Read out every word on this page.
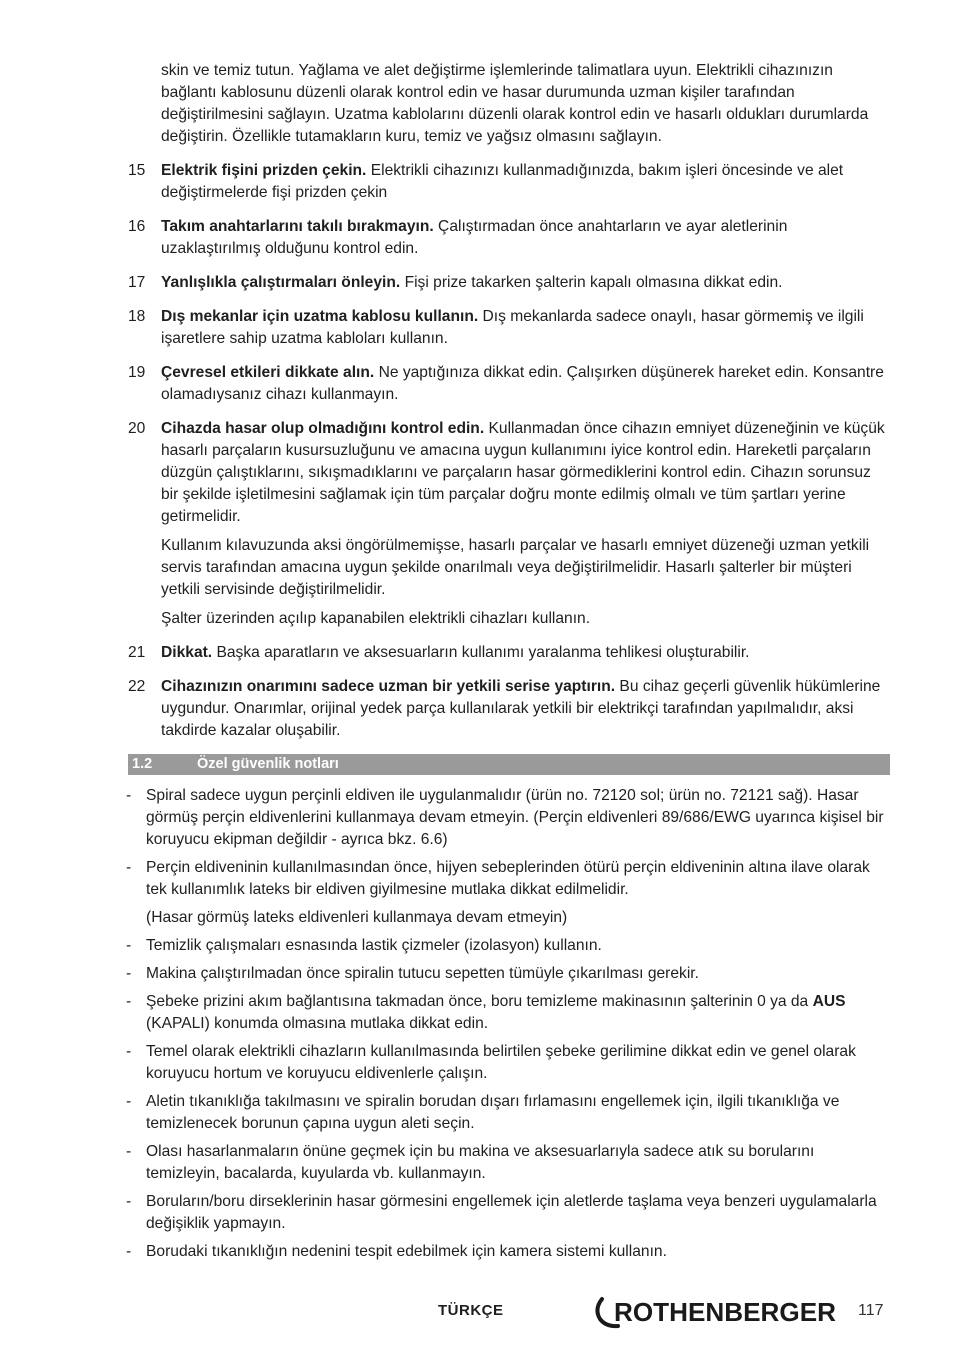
skin ve temiz tutun. Yağlama ve alet değiştirme işlemlerinde talimatlara uyun. Elektrikli cihazınızın bağlantı kablosunu düzenli olarak kontrol edin ve hasar durumunda uzman kişiler tarafından değiştirilmesini sağlayın. Uzatma kablolarını düzenli olarak kontrol edin ve hasarlı oldukları durumlarda değiştirin. Özellikle tutamakların kuru, temiz ve yağsız olmasını sağlayın.

15	Elektrik fişini prizden çekin. Elektrikli cihazınızı kullanmadığınızda, bakım işleri öncesinde ve alet değiştirmelerde fişi prizden çekin
16	Takım anahtarlarını takılı bırakmayın. Çalıştırmadan önce anahtarların ve ayar aletlerinin uzaklaştırılmış olduğunu kontrol edin.
17	Yanlışlıkla çalıştırmaları önleyin. Fişi prize takarken şalterin kapalı olmasına dikkat edin.
18	Dış mekanlar için uzatma kablosu kullanın. Dış mekanlarda sadece onaylı, hasar görmemiş ve ilgili işaretlere sahip uzatma kabloları kullanın.
19	Çevresel etkileri dikkate alın. Ne yaptığınıza dikkat edin. Çalışırken düşünerek hareket edin. Konsantre olamadıysanız cihazı kullanmayın.
20	Cihazda hasar olup olmadığını kontrol edin. Kullanmadan önce cihazın emniyet düzeneğinin ve küçük hasarlı parçaların kusursuzluğunu ve amacına uygun kullanımını iyice kontrol edin. Hareketli parçaların düzgün çalıştıklarını, sıkışmadıklarını ve parçaların hasar görmediklerini kontrol edin. Cihazın sorunsuz bir şekilde işletilmesini sağlamak için tüm parçalar doğru monte edilmiş olmalı ve tüm şartları yerine getirmelidir.

Kullanım kılavuzunda aksi öngörülmemişse, hasarlı parçalar ve hasarlı emniyet düzeneği uzman yetkili servis tarafından amacına uygun şekilde onarılmalı veya değiştirilmelidir. Hasarlı şalterler bir müşteri yetkili servisinde değiştirilmelidir.

Şalter üzerinden açılıp kapanabilen elektrikli cihazları kullanın.

21	Dikkat. Başka aparatların ve aksesuarların kullanımı yaralanma tehlikesi oluşturabilir.
22	Cihazınızın onarımını sadece uzman bir yetkili serise yaptırın. Bu cihaz geçerli güvenlik hükümlerine uygundur. Onarımlar, orijinal yedek parça kullanılarak yetkili bir elektrikçi tarafından yapılmalıdır, aksi takdirde kazalar oluşabilir.
1.2	Özel güvenlik notları
- Spiral sadece uygun perçinli eldiven ile uygulanmalıdır (ürün no. 72120 sol; ürün no. 72121 sağ). Hasar görmüş perçin eldivenlerini kullanmaya devam etmeyin. (Perçin eldivenleri 89/686/EWG uyarınca kişisel bir koruyucu ekipman değildir - ayrıca bkz. 6.6)
- Perçin eldiveninin kullanılmasından önce, hijyen sebeplerinden ötürü perçin eldiveninin altına ilave olarak tek kullanımlık lateks bir eldiven giyilmesine mutlaka dikkat edilmelidir.
(Hasar görmüş lateks eldivenleri kullanmaya devam etmeyin)
- Temizlik çalışmaları esnasında lastik çizmeler (izolasyon) kullanın.
- Makina çalıştırılmadan önce spiralin tutucu sepetten tümüyle çıkarılması gerekir.
- Şebeke prizini akım bağlantısına takmadan önce, boru temizleme makinasının şalterinin 0 ya da AUS (KAPALI) konumda olmasına mutlaka dikkat edin.
- Temel olarak elektrikli cihazların kullanılmasında belirtilen şebeke gerilimine dikkat edin ve genel olarak koruyucu hortum ve koruyucu eldivenlerle çalışın.
- Aletin tıkanıklığa takılmasını ve spiralin borudan dışarı fırlamasını engellemek için, ilgili tıkanıklığa ve temizlenecek borunun çapına uygun aleti seçin.
- Olası hasarlanmaların önüne geçmek için bu makina ve aksesuarlarıyla sadece atık su borularını temizleyin, bacalarda, kuyularda vb. kullanmayın.
- Boruların/boru dirseklerinin hasar görmesini engellemek için aletlerde taşlama veya benzeri uygulamalarla değişiklik yapmayın.
- Borudaki tıkanıklığın nedenini tespit edebilmek için kamera sistemi kullanın.
TÜRKÇE	ROTHENBERGER 117
